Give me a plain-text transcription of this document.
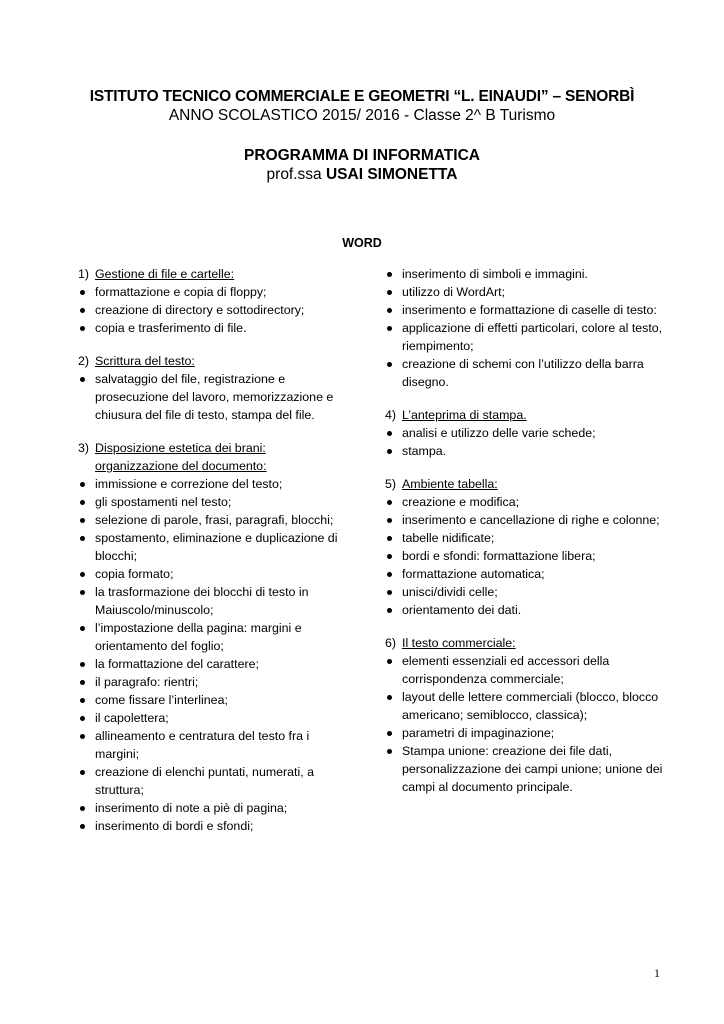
ISTITUTO TECNICO COMMERCIALE E GEOMETRI “L. EINAUDI” – SENORBÌ
ANNO SCOLASTICO 2015/ 2016 - Classe 2^ B Turismo
PROGRAMMA DI INFORMATICA
prof.ssa USAI SIMONETTA
WORD
1) Gestione di file e cartelle:
formattazione e copia di floppy;
creazione di directory e sottodirectory;
copia e trasferimento di file.
2) Scrittura del testo:
salvataggio del file, registrazione e prosecuzione del lavoro, memorizzazione e chiusura del file di testo, stampa del file.
3) Disposizione estetica dei brani: organizzazione del documento:
immissione e correzione del testo;
gli spostamenti nel testo;
selezione di parole, frasi, paragrafi, blocchi;
spostamento, eliminazione e duplicazione di blocchi;
copia formato;
la trasformazione dei blocchi di testo in Maiuscolo/minuscolo;
l’impostazione della pagina: margini e orientamento del foglio;
la formattazione del carattere;
il paragrafo: rientri;
come fissare l’interlinea;
il capolettera;
allineamento e centratura del testo fra i margini;
creazione di elenchi puntati, numerati, a struttura;
inserimento di note a piè di pagina;
inserimento di bordi e sfondi;
inserimento di simboli e immagini.
utilizzo di WordArt;
inserimento e formattazione di caselle di testo:
applicazione di effetti particolari, colore al testo, riempimento;
creazione di schemi con l’utilizzo della barra disegno.
4) L’anteprima di stampa.
analisi e utilizzo delle varie schede;
stampa.
5) Ambiente tabella:
creazione e modifica;
inserimento e cancellazione di righe e colonne;
tabelle nidificate;
bordi e sfondi: formattazione libera;
formattazione automatica;
unisci/dividi celle;
orientamento dei dati.
6) Il testo commerciale:
elementi essenziali ed accessori della corrispondenza commerciale;
layout delle lettere commerciali (blocco, blocco americano; semiblocco, classica);
parametri di impaginazione;
Stampa unione: creazione dei file dati, personalizzazione dei campi unione; unione dei campi al documento principale.
1
